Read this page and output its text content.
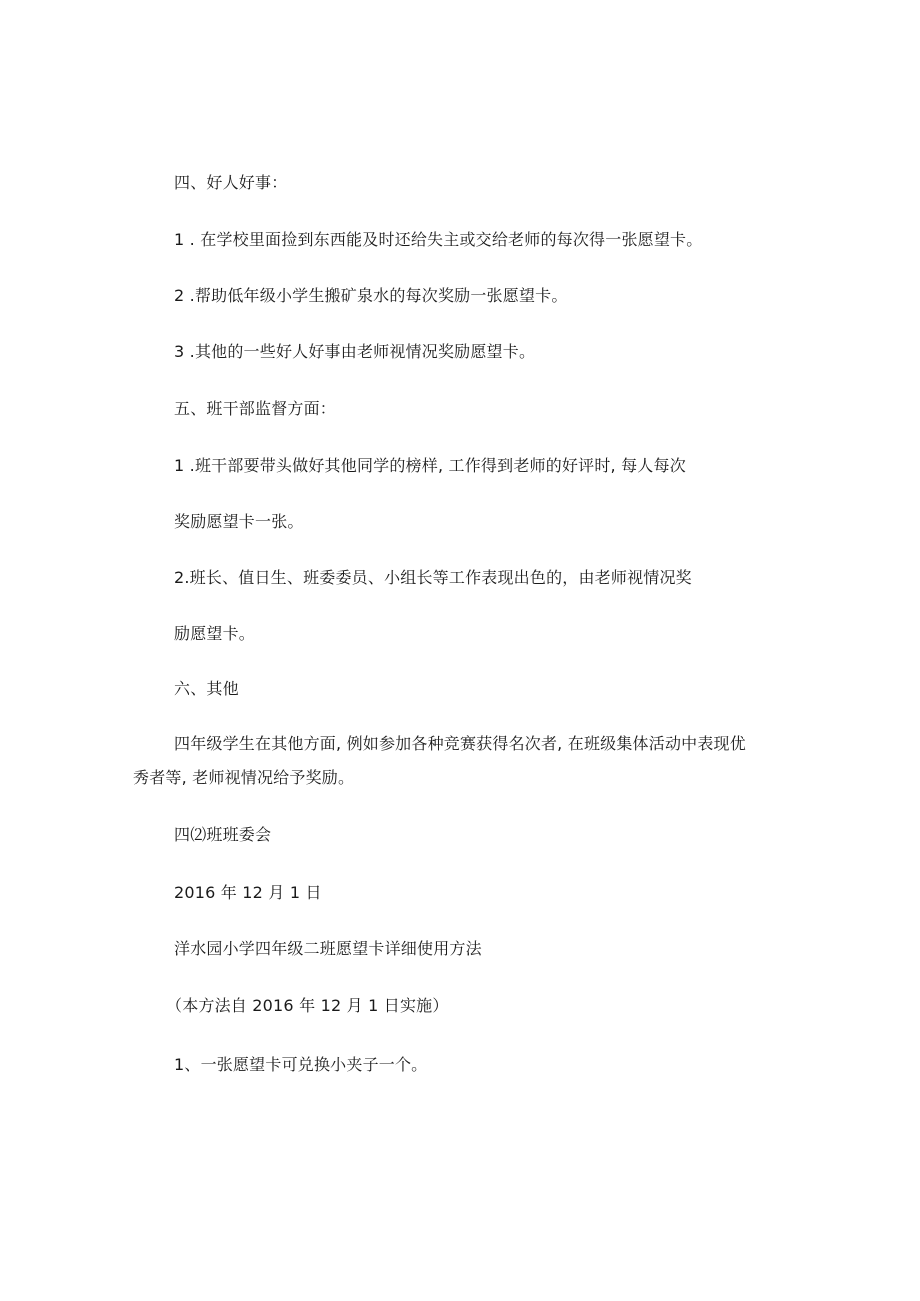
四、好人好事：
1 . 在学校里面捡到东西能及时还给失主或交给老师的每次得一张愿望卡。
2 .帮助低年级小学生搬矿泉水的每次奖励一张愿望卡。
3 .其他的一些好人好事由老师视情况奖励愿望卡。
五、班干部监督方面：
1 .班干部要带头做好其他同学的榜样, 工作得到老师的好评时, 每人每次
奖励愿望卡一张。
2.班长、值日生、班委委员、小组长等工作表现出色的，由老师视情况奖
励愿望卡。
六、其他
四年级学生在其他方面, 例如参加各种竞赛获得名次者, 在班级集体活动中表现优
秀者等, 老师视情况给予奖励。
四⑵班班委会
2016 年 12 月 1 日
洋水园小学四年级二班愿望卡详细使用方法
（本方法自 2016 年 12 月 1 日实施）
1、一张愿望卡可兑换小夹子一个。
